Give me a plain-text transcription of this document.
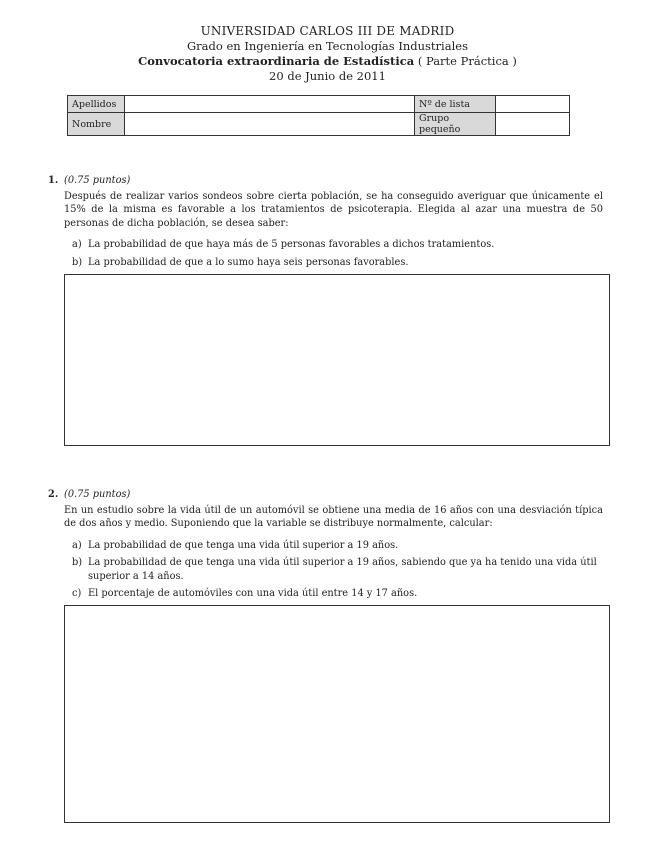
UNIVERSIDAD CARLOS III DE MADRID
Grado en Ingeniería en Tecnologías Industriales
Convocatoria extraordinaria de Estadística ( Parte Práctica )
20 de Junio de 2011
Apellidos		Nº de lista	
Nombre		Grupo pequeño	
1. (0.75 puntos)
Después de realizar varios sondeos sobre cierta población, se ha conseguido averiguar que únicamente el 15% de la misma es favorable a los tratamientos de psicoterapia. Elegida al azar una muestra de 50 personas de dicha población, se desea saber:
a) La probabilidad de que haya más de 5 personas favorables a dichos tratamientos.
b) La probabilidad de que a lo sumo haya seis personas favorables.
2. (0.75 puntos)
En un estudio sobre la vida útil de un automóvil se obtiene una media de 16 años con una desviación típica de dos años y medio. Suponiendo que la variable se distribuye normalmente, calcular:
a) La probabilidad de que tenga una vida útil superior a 19 años.
b) La probabilidad de que tenga una vida útil superior a 19 años, sabiendo que ya ha tenido una vida útil superior a 14 años.
c) El porcentaje de automóviles con una vida útil entre 14 y 17 años.
